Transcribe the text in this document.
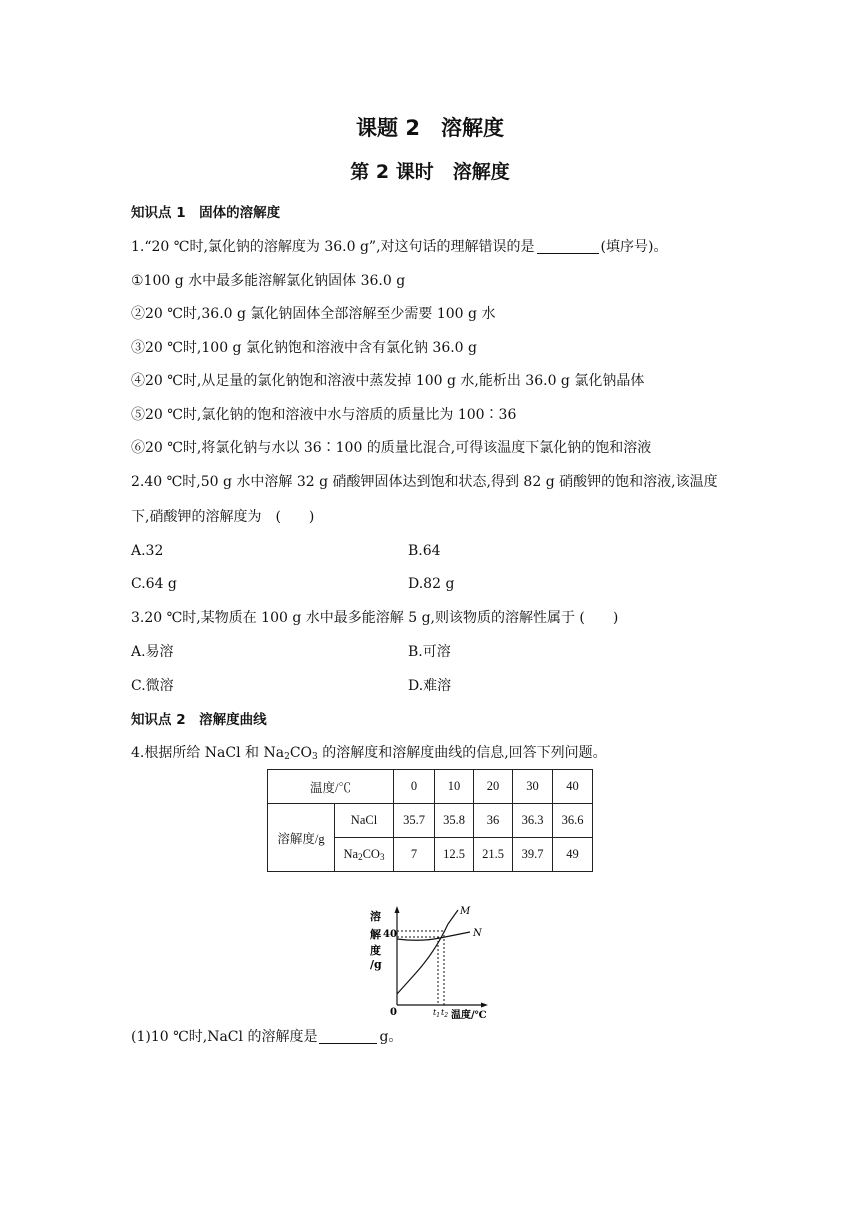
课题 2　溶解度
第 2 课时　溶解度
知识点 1　固体的溶解度
1.“20 ℃时,氯化钠的溶解度为 36.0 g”,对这句话的理解错误的是	(填序号)。
①100 g 水中最多能溶解氯化钠固体 36.0 g
②20 ℃时,36.0 g 氯化钠固体全部溶解至少需要 100 g 水
③20 ℃时,100 g 氯化钠饱和溶液中含有氯化钠 36.0 g
④20 ℃时,从足量的氯化钠饱和溶液中蒸发掉 100 g 水,能析出 36.0 g 氯化钠晶体
⑤20 ℃时,氯化钠的饱和溶液中水与溶质的质量比为 100∶36
⑥20 ℃时,将氯化钠与水以 36∶100 的质量比混合,可得该温度下氯化钠的饱和溶液
2.40 ℃时,50 g 水中溶解 32 g 硝酸钾固体达到饱和状态,得到 82 g 硝酸钾的饱和溶液,该温度
下,硝酸钾的溶解度为　(　　)
A.32	B.64
C.64 g	D.82 g
3.20 ℃时,某物质在 100 g 水中最多能溶解 5 g,则该物质的溶解性属于 (　　)
A.易溶	B.可溶
C.微溶	D.难溶
知识点 2　溶解度曲线
4.根据所给 NaCl 和 $Na_2CO_3$ 的溶解度和溶解度曲线的信息,回答下列问题。
温度/℃		0	10	20	30	40
溶解度/g	NaCl	35.7	35.8	36	36.3	36.6
	$Na_2CO_3$	7	12.5	21.5	39.7	49
溶
解
度
/g
40
0
M
N
$t_1$ $t_2$ 温度/℃
(1)10 ℃时,NaCl 的溶解度是	g。
